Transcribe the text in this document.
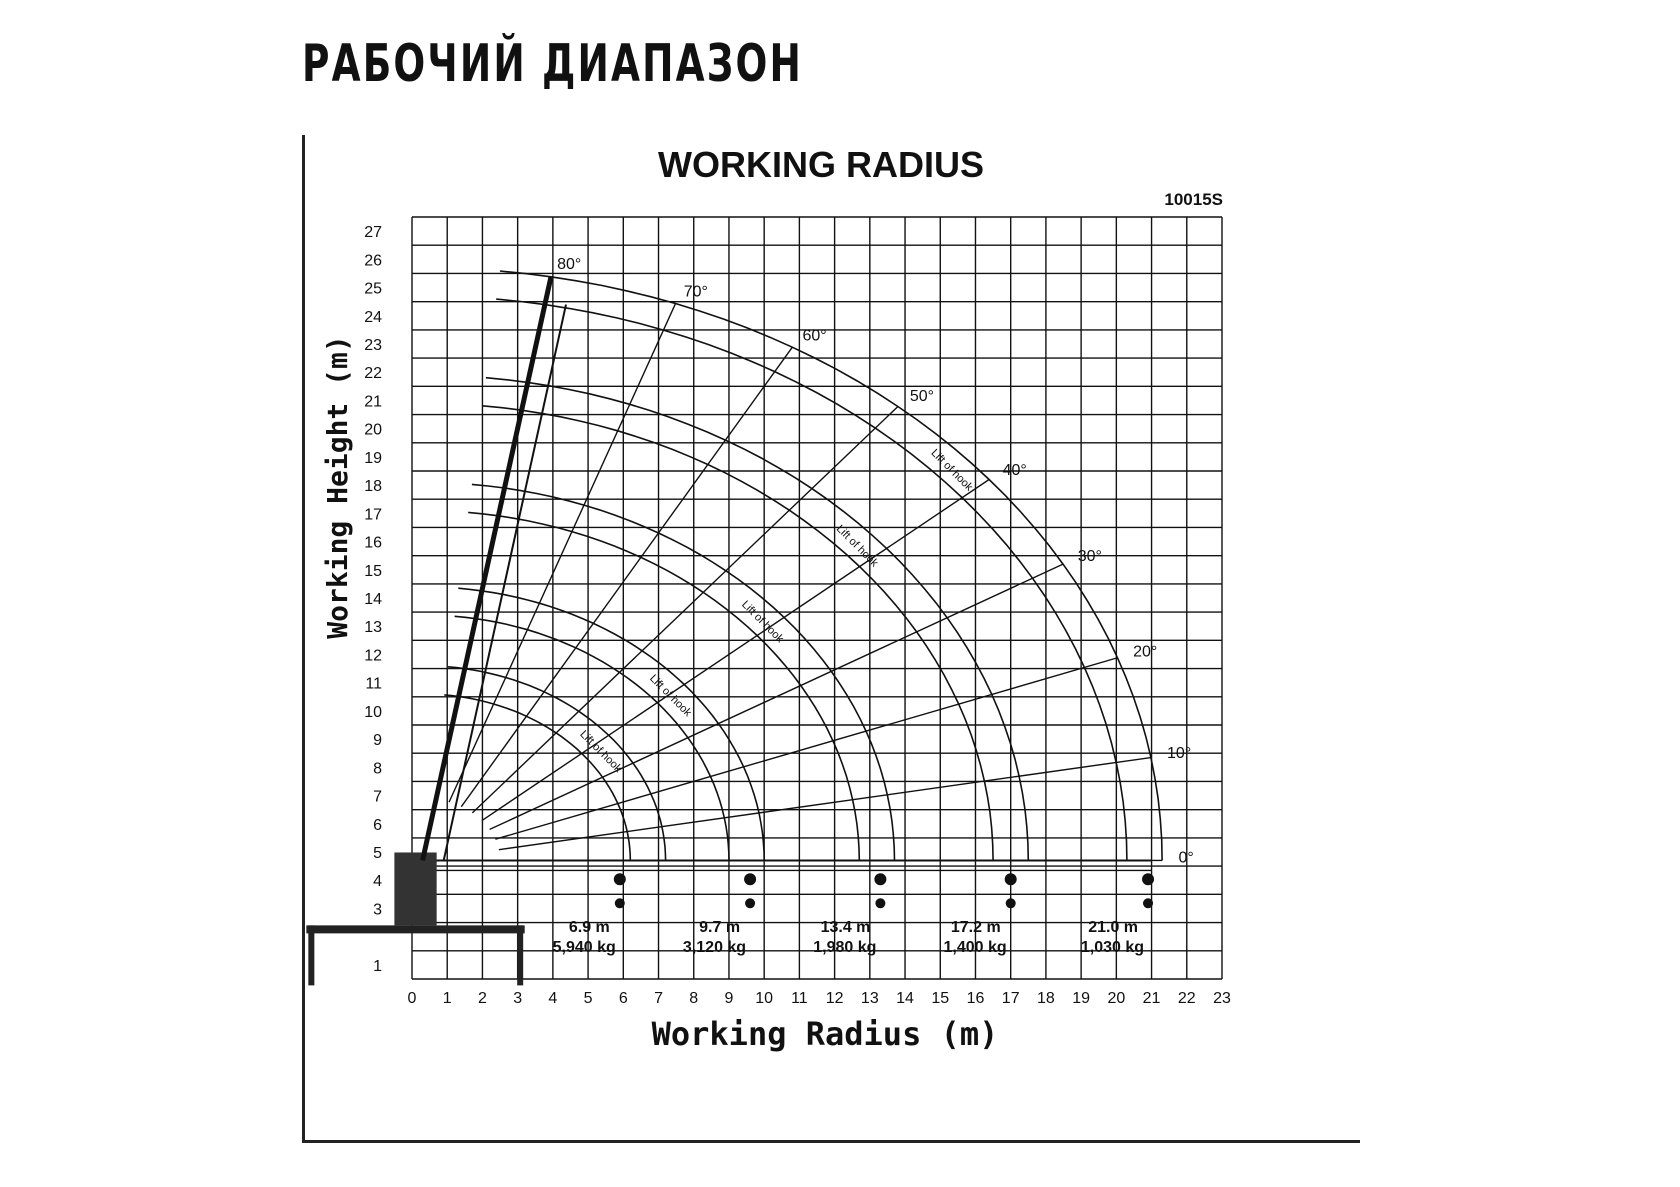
РАБОЧИЙ ДИАПАЗОН
0 1 2 3 4 5 6 7 8 9 10 11 12 13 14 15 16 17 18 19 20 21 22 23
1
3
4
5
6
7
8
9
10
11
12
13
14
15
16
17
18
19
20
21
22
23
24
25
26
27
0°
10°
20°
30°
40°
50°
60°
70°
80°
6.9 m
5,940 kg
Lift of hook
9.7 m
3,120 kg
Lift of hook
13.4 m
1,980 kg
Lift of hook
17.2 m
1,400 kg
Lift of hook
21.0 m
1,030 kg
Lift of hook
WORKING RADIUS
10015S
Working Radius (m)
Working Height (m)
